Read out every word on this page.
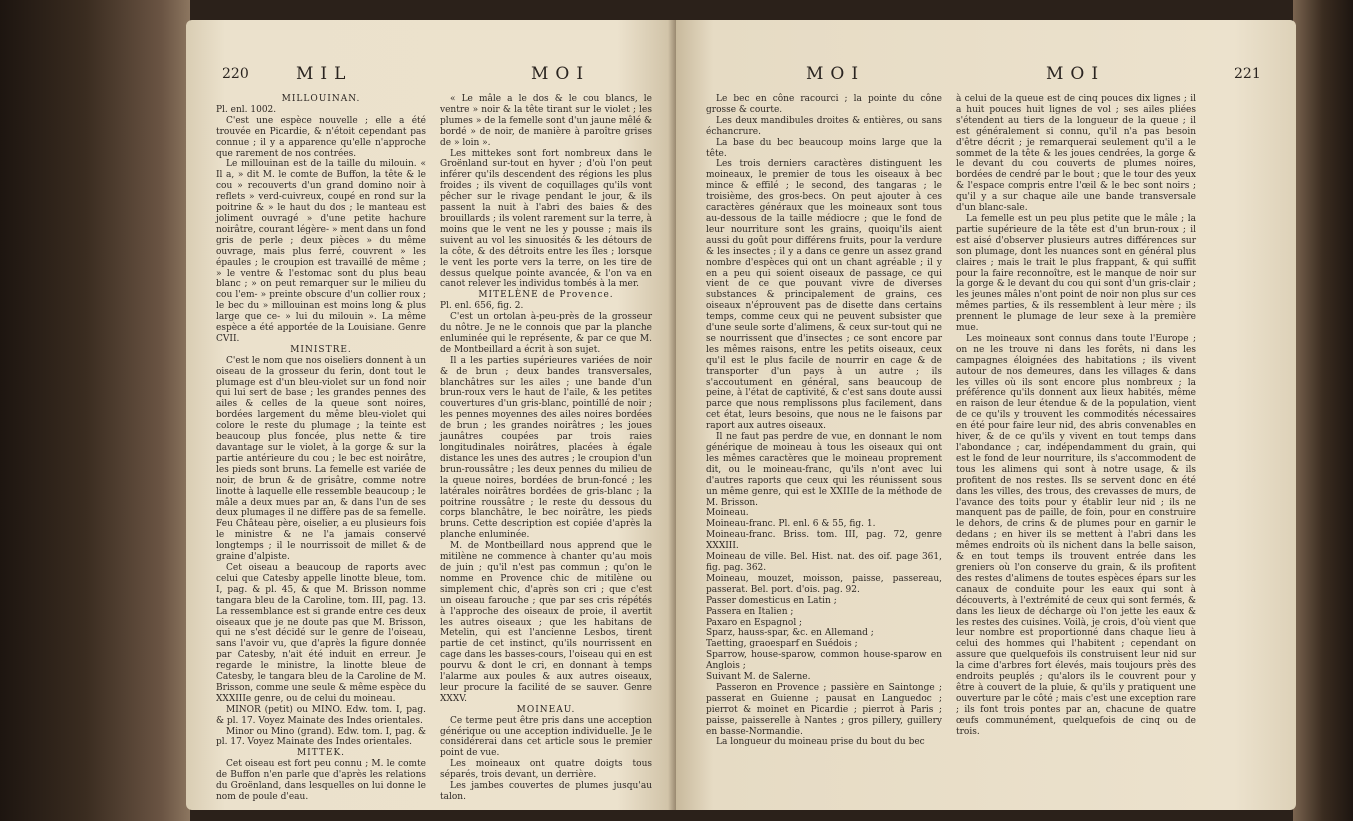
220	MIL	MOI

MILLOUINAN.

Pl. enl. 1002.

C'est une espèce nouvelle ; elle a été trouvée en Picardie, & n'étoit cependant pas connue ; il y a apparence qu'elle n'approche que rarement de nos contrées.

Le millouinan est de la taille du milouin. « Il a, » dit M. le comte de Buffon, la tête & le cou » recouverts d'un grand domino noir à reflets » verd-cuivreux, coupé en rond sur la poitrine & » le haut du dos ; le manteau est joliment ouvragé » d'une petite hachure noirâtre, courant légère- » ment dans un fond gris de perle ; deux pièces » du même ouvrage, mais plus ferré, couvrent » les épaules ; le croupion est travaillé de même ; » le ventre & l'estomac sont du plus beau blanc ; » on peut remarquer sur le milieu du cou l'em- » preinte obscure d'un collier roux ; le bec du » millouinan est moins long & plus large que ce- » lui du milouin ». La même espèce a été apportée de la Louisiane. Genre CVII.

MINISTRE.

C'est le nom que nos oiseliers donnent à un oiseau de la grosseur du ferin, dont tout le plumage est d'un bleu-violet sur un fond noir qui lui sert de base ; les grandes pennes des ailes & celles de la queue sont noires, bordées largement du même bleu-violet qui colore le reste du plumage ; la teinte est beaucoup plus foncée, plus nette & tire davantage sur le violet, à la gorge & sur la partie antérieure du cou ; le bec est noirâtre, les pieds sont bruns. La femelle est variée de noir, de brun & de grisâtre, comme notre linotte à laquelle elle ressemble beaucoup ; le mâle a deux mues par an, & dans l'un de ses deux plumages il ne diffère pas de sa femelle. Feu Château père, oiselier, a eu plusieurs fois le ministre & ne l'a jamais conservé longtemps ; il le nourrissoit de millet & de graine d'alpiste.

Cet oiseau a beaucoup de raports avec celui que Catesby appelle linotte bleue, tom. I, pag. & pl. 45, & que M. Brisson nomme tangara bleu de la Caroline, tom. III, pag. 13. La ressemblance est si grande entre ces deux oiseaux que je ne doute pas que M. Brisson, qui ne s'est décidé sur le genre de l'oiseau, sans l'avoir vu, que d'après la figure donnée par Catesby, n'ait été induit en erreur. Je regarde le ministre, la linotte bleue de Catesby, le tangara bleu de la Caroline de M. Brisson, comme une seule & même espèce du XXXIIIe genre, ou de celui du moineau.

MINOR (petit) ou MINO. Edw. tom. I, pag. & pl. 17. Voyez Mainate des Indes orientales.

Minor ou Mino (grand). Edw. tom. I, pag. & pl. 17. Voyez Mainate des Indes orientales.

MITTEK.

Cet oiseau est fort peu connu ; M. le comte de Buffon n'en parle que d'après les relations du Groënland, dans lesquelles on lui donne le nom de poule d'eau.

« Le mâle a le dos & le cou blancs, le ventre » noir & la tête tirant sur le violet ; les plumes » de la femelle sont d'un jaune mêlé & bordé » de noir, de manière à paroître grises de » loin ».

Les mittekes sont fort nombreux dans le Groënland sur-tout en hyver ; d'où l'on peut inférer qu'ils descendent des régions les plus froides ; ils vivent de coquillages qu'ils vont pêcher sur le rivage pendant le jour, & ils passent la nuit à l'abri des baies & des brouillards ; ils volent rarement sur la terre, à moins que le vent ne les y pousse ; mais ils suivent au vol les sinuosités & les détours de la côte, & des détroits entre les îles ; lorsque le vent les porte vers la terre, on les tire de dessus quelque pointe avancée, & l'on va en canot relever les individus tombés à la mer.

MITELÈNE de Provence.

Pl. enl. 656, fig. 2.

C'est un ortolan à-peu-près de la grosseur du nôtre. Je ne le connois que par la planche enluminée qui le représente, & par ce que M. de Montbeillard a écrit à son sujet.

Il a les parties supérieures variées de noir & de brun ; deux bandes transversales, blanchâtres sur les ailes ; une bande d'un brun-roux vers le haut de l'aile, & les petites couvertures d'un gris-blanc, pointillé de noir ; les pennes moyennes des ailes noires bordées de brun ; les grandes noirâtres ; les joues jaunâtres coupées par trois raies longitudinales noirâtres, placées à égale distance les unes des autres ; le croupion d'un brun-roussâtre ; les deux pennes du milieu de la queue noires, bordées de brun-foncé ; les latérales noirâtres bordées de gris-blanc ; la poitrine roussâtre ; le reste du dessous du corps blanchâtre, le bec noirâtre, les pieds bruns. Cette description est copiée d'après la planche enluminée.

M. de Montbeillard nous apprend que le mitilène ne commence à chanter qu'au mois de juin ; qu'il n'est pas commun ; qu'on le nomme en Provence chic de mitilène ou simplement chic, d'après son cri ; que c'est un oiseau farouche ; que par ses cris répétés à l'approche des oiseaux de proie, il avertit les autres oiseaux ; que les habitans de Metelin, qui est l'ancienne Lesbos, tirent partie de cet instinct, qu'ils nourrissent en cage dans les basses-cours, l'oiseau qui en est pourvu & dont le cri, en donnant à temps l'alarme aux poules & aux autres oiseaux, leur procure la facilité de se sauver. Genre XXXV.

MOINEAU.

Ce terme peut être pris dans une acception générique ou une acception individuelle. Je le considérerai dans cet article sous le premier point de vue.

Les moineaux ont quatre doigts tous séparés, trois devant, un derrière.

Les jambes couvertes de plumes jusqu'au talon.

MOI	MOI	221

Le bec en cône racourci ; la pointe du cône grosse & courte.

Les deux mandibules droites & entières, ou sans échancrure.

La base du bec beaucoup moins large que la tête.

Les trois derniers caractères distinguent les moineaux, le premier de tous les oiseaux à bec mince & effilé ; le second, des tangaras ; le troisième, des gros-becs. On peut ajouter à ces caractères généraux que les moineaux sont tous au-dessous de la taille médiocre ; que le fond de leur nourriture sont les grains, quoiqu'ils aient aussi du goût pour différens fruits, pour la verdure & les insectes ; il y a dans ce genre un assez grand nombre d'espèces qui ont un chant agréable ; il y en a peu qui soient oiseaux de passage, ce qui vient de ce que pouvant vivre de diverses substances & principalement de grains, ces oiseaux n'éprouvent pas de disette dans certains temps, comme ceux qui ne peuvent subsister que d'une seule sorte d'alimens, & ceux sur-tout qui ne se nourrissent que d'insectes ; ce sont encore par les mêmes raisons, entre les petits oiseaux, ceux qu'il est le plus facile de nourrir en cage & de transporter d'un pays à un autre ; ils s'accoutument en général, sans beaucoup de peine, à l'état de captivité, & c'est sans doute aussi parce que nous remplissons plus facilement, dans cet état, leurs besoins, que nous ne le faisons par raport aux autres oiseaux.

Il ne faut pas perdre de vue, en donnant le nom générique de moineau à tous les oiseaux qui ont les mêmes caractères que le moineau proprement dit, ou le moineau-franc, qu'ils n'ont avec lui d'autres raports que ceux qui les réunissent sous un même genre, qui est le XXIIIe de la méthode de M. Brisson.

Moineau.

Moineau-franc. Pl. enl. 6 & 55, fig. 1.

Moineau-franc. Briss. tom. III, pag. 72, genre XXXIII.

Moineau de ville. Bel. Hist. nat. des oif. page 361, fig. pag. 362.

Moineau, mouzet, moisson, paisse, passereau, passerat. Bel. port. d'ois. pag. 92.

Passer domesticus en Latin ;

Passera en Italien ;

Paxaro en Espagnol ;

Sparz, hauss-spar, &c. en Allemand ;

Taetting, graoesparf en Suédois ;

Sparrow, house-sparow, common house-sparow en Anglois ;

Suivant M. de Salerne.

Passeron en Provence ; passière en Saintonge ; passerat en Guienne ; pausat en Languedoc ; pierrot & moinet en Picardie ; pierrot à Paris ; paisse, paisserelle à Nantes ; gros pillery, guillery en basse-Normandie.

La longueur du moineau prise du bout du bec

à celui de la queue est de cinq pouces dix lignes ; il a huit pouces huit lignes de vol ; ses ailes pliées s'étendent au tiers de la longueur de la queue ; il est généralement si connu, qu'il n'a pas besoin d'être décrit ; je remarquerai seulement qu'il a le sommet de la tête & les joues cendrées, la gorge & le devant du cou couverts de plumes noires, bordées de cendré par le bout ; que le tour des yeux & l'espace compris entre l'œil & le bec sont noirs ; qu'il y a sur chaque aile une bande transversale d'un blanc-sale.

La femelle est un peu plus petite que le mâle ; la partie supérieure de la tête est d'un brun-roux ; il est aisé d'observer plusieurs autres différences sur son plumage, dont les nuances sont en général plus claires ; mais le trait le plus frappant, & qui suffit pour la faire reconnoître, est le manque de noir sur la gorge & le devant du cou qui sont d'un gris-clair ; les jeunes mâles n'ont point de noir non plus sur ces mêmes parties, & ils ressemblent à leur mère ; ils prennent le plumage de leur sexe à la première mue.

Les moineaux sont connus dans toute l'Europe ; on ne les trouve ni dans les forêts, ni dans les campagnes éloignées des habitations ; ils vivent autour de nos demeures, dans les villages & dans les villes où ils sont encore plus nombreux ; la préférence qu'ils donnent aux lieux habités, même en raison de leur étendue & de la population, vient de ce qu'ils y trouvent les commodités nécessaires en été pour faire leur nid, des abris convenables en hiver, & de ce qu'ils y vivent en tout temps dans l'abondance ; car, indépendamment du grain, qui est le fond de leur nourriture, ils s'accommodent de tous les alimens qui sont à notre usage, & ils profitent de nos restes. Ils se servent donc en été dans les villes, des trous, des crevasses de murs, de l'avance des toits pour y établir leur nid ; ils ne manquent pas de paille, de foin, pour en construire le dehors, de crins & de plumes pour en garnir le dedans ; en hiver ils se mettent à l'abri dans les mêmes endroits où ils nichent dans la belle saison, & en tout temps ils trouvent entrée dans les greniers où l'on conserve du grain, & ils profitent des restes d'alimens de toutes espèces épars sur les canaux de conduite pour les eaux qui sont à découverts, à l'extrémité de ceux qui sont fermés, & dans les lieux de décharge où l'on jette les eaux & les restes des cuisines. Voilà, je crois, d'où vient que leur nombre est proportionné dans chaque lieu à celui des hommes qui l'habitent ; cependant on assure que quelquefois ils construisent leur nid sur la cime d'arbres fort élevés, mais toujours près des endroits peuplés ; qu'alors ils le couvrent pour y être à couvert de la pluie, & qu'ils y pratiquent une ouverture par le côté ; mais c'est une exception rare ; ils font trois pontes par an, chacune de quatre œufs communément, quelquefois de cinq ou de trois.
